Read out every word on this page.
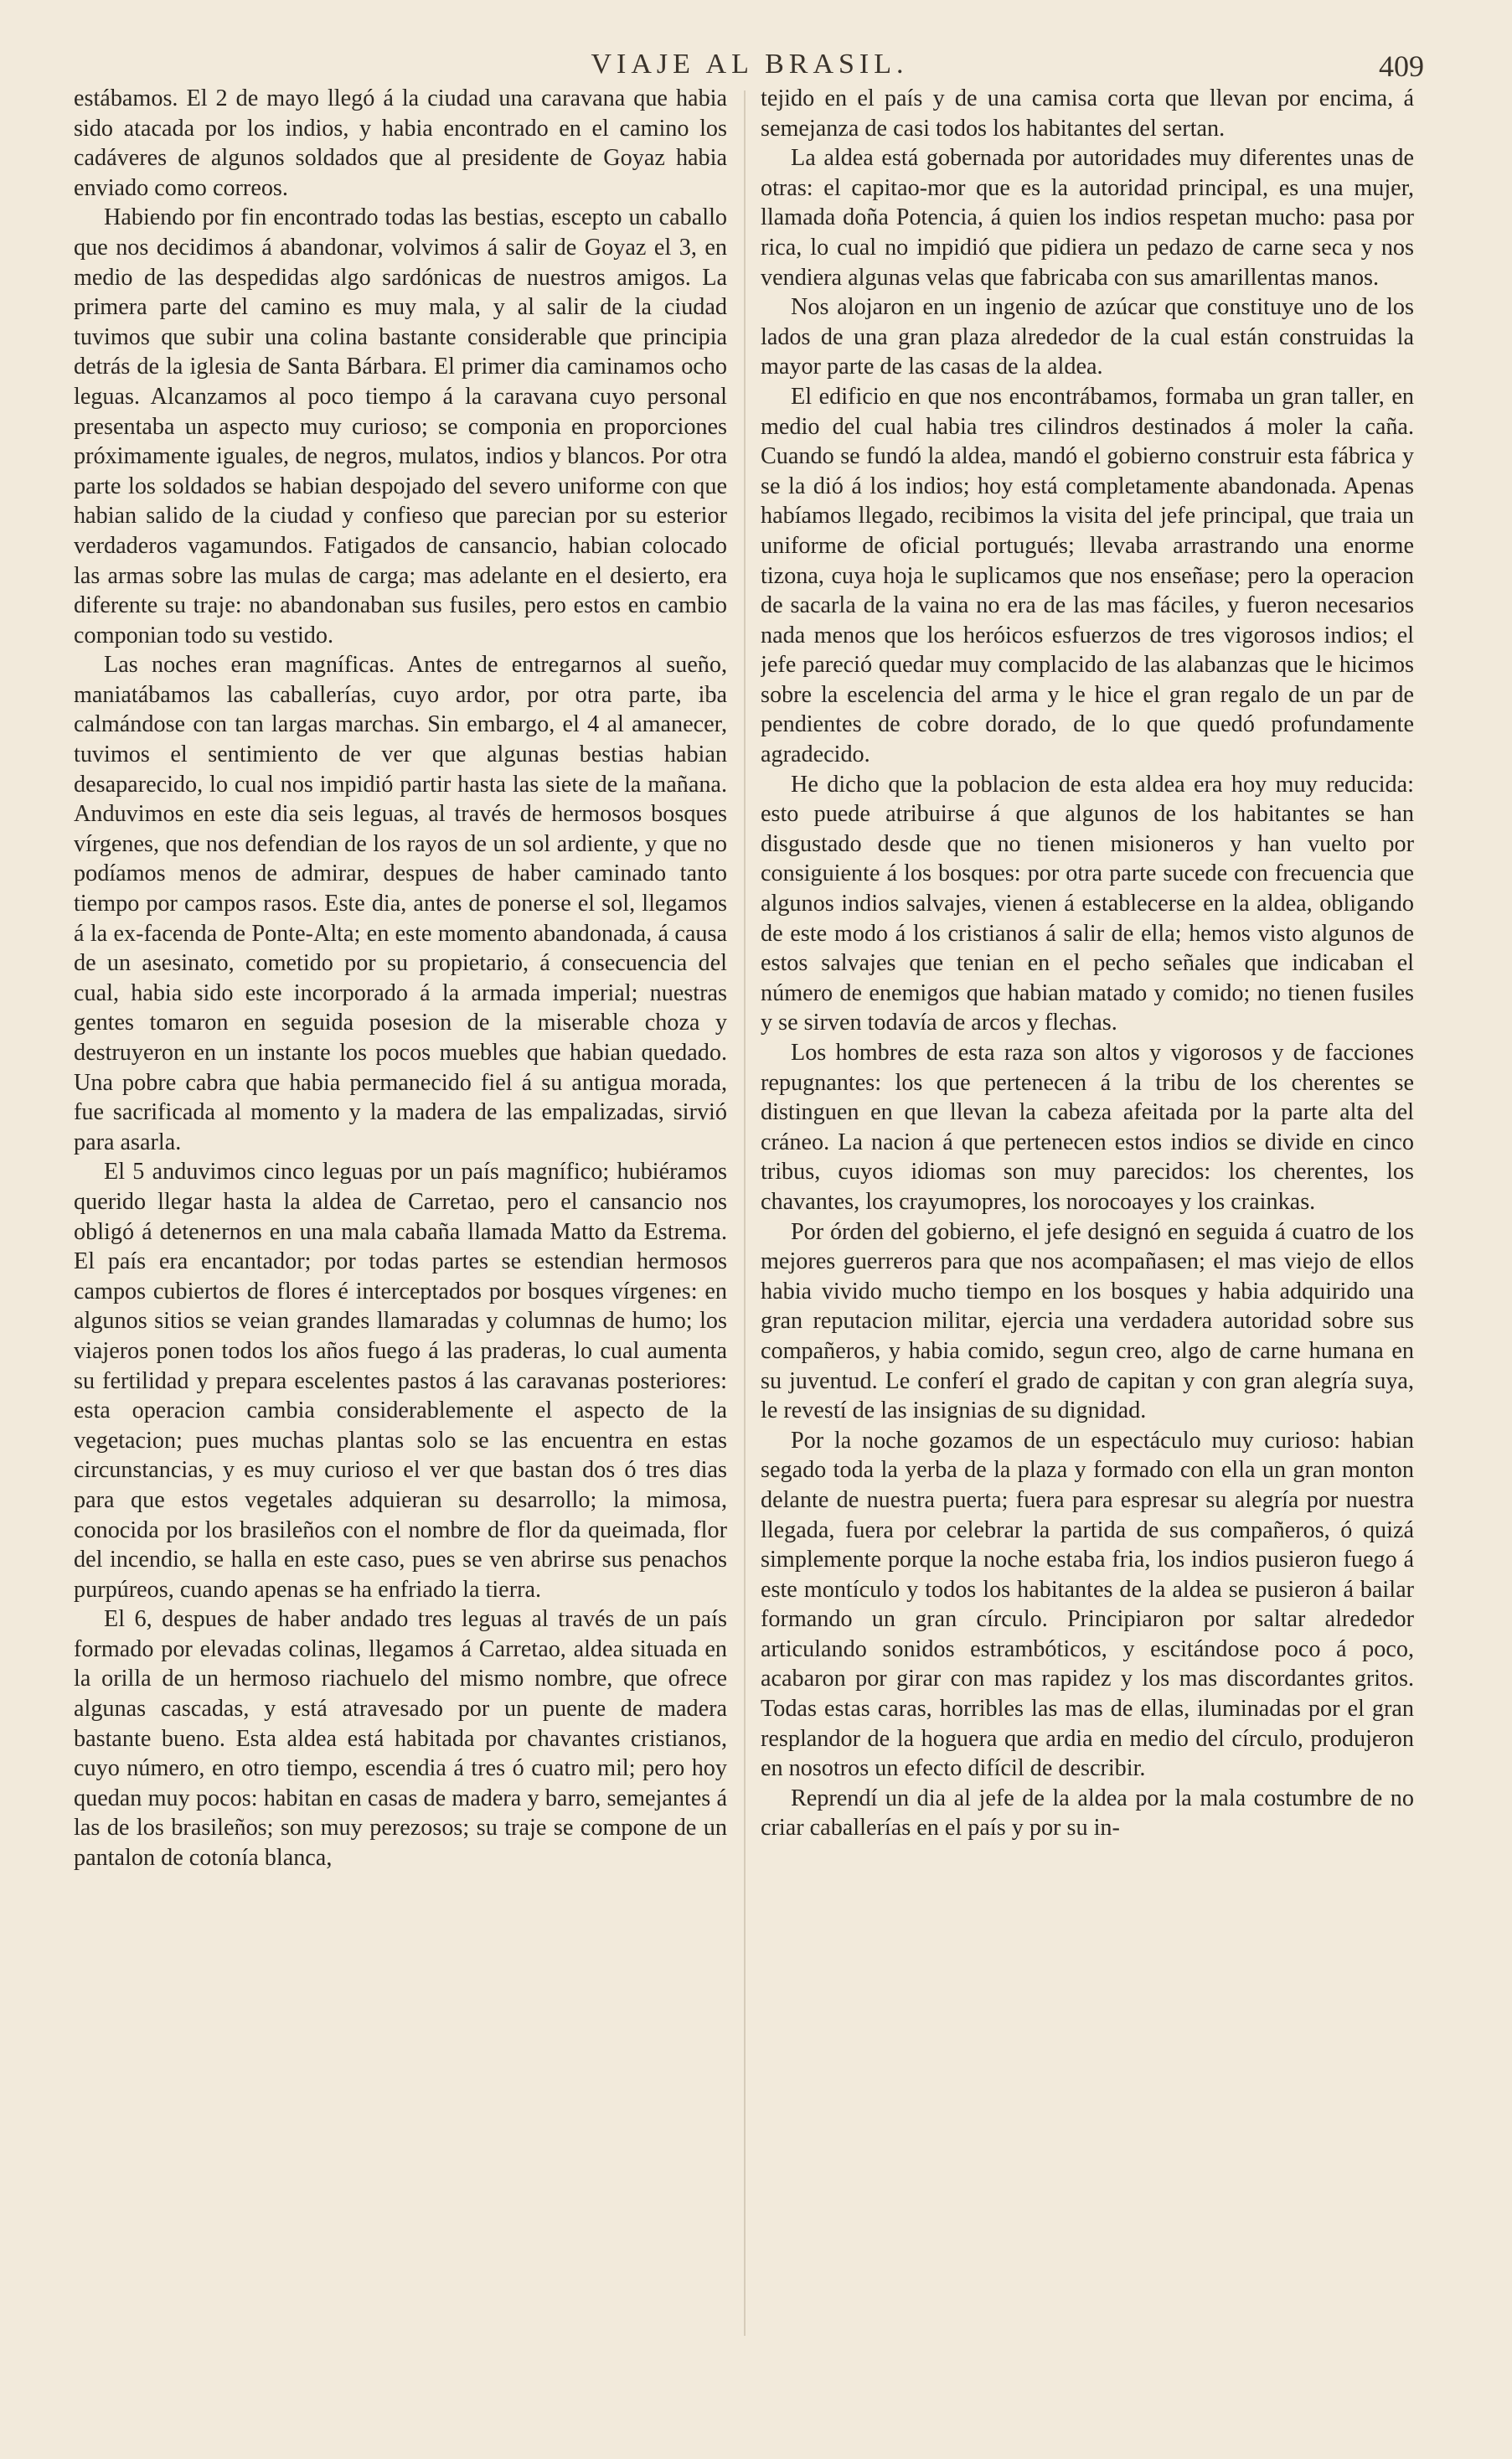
VIAJE AL BRASIL.	409

estábamos. El 2 de mayo llegó á la ciudad una caravana que habia sido atacada por los indios, y habia encontrado en el camino los cadáveres de algunos soldados que al presidente de Goyaz habia enviado como correos.

Habiendo por fin encontrado todas las bestias, escepto un caballo que nos decidimos á abandonar, volvimos á salir de Goyaz el 3, en medio de las despedidas algo sardónicas de nuestros amigos. La primera parte del camino es muy mala, y al salir de la ciudad tuvimos que subir una colina bastante considerable que principia detrás de la iglesia de Santa Bárbara. El primer dia caminamos ocho leguas. Alcanzamos al poco tiempo á la caravana cuyo personal presentaba un aspecto muy curioso; se componia en proporciones próximamente iguales, de negros, mulatos, indios y blancos. Por otra parte los soldados se habian despojado del severo uniforme con que habian salido de la ciudad y confieso que parecian por su esterior verdaderos vagamundos. Fatigados de cansancio, habian colocado las armas sobre las mulas de carga; mas adelante en el desierto, era diferente su traje: no abandonaban sus fusiles, pero estos en cambio componian todo su vestido.

Las noches eran magníficas. Antes de entregarnos al sueño, maniatábamos las caballerías, cuyo ardor, por otra parte, iba calmándose con tan largas marchas. Sin embargo, el 4 al amanecer, tuvimos el sentimiento de ver que algunas bestias habian desaparecido, lo cual nos impidió partir hasta las siete de la mañana. Anduvimos en este dia seis leguas, al través de hermosos bosques vírgenes, que nos defendian de los rayos de un sol ardiente, y que no podíamos menos de admirar, despues de haber caminado tanto tiempo por campos rasos. Este dia, antes de ponerse el sol, llegamos á la ex-facenda de Ponte-Alta; en este momento abandonada, á causa de un asesinato, cometido por su propietario, á consecuencia del cual, habia sido este incorporado á la armada imperial; nuestras gentes tomaron en seguida posesion de la miserable choza y destruyeron en un instante los pocos muebles que habian quedado. Una pobre cabra que habia permanecido fiel á su antigua morada, fue sacrificada al momento y la madera de las empalizadas, sirvió para asarla.

El 5 anduvimos cinco leguas por un país magnífico; hubiéramos querido llegar hasta la aldea de Carretao, pero el cansancio nos obligó á detenernos en una mala cabaña llamada Matto da Estrema. El país era encantador; por todas partes se estendian hermosos campos cubiertos de flores é interceptados por bosques vírgenes: en algunos sitios se veian grandes llamaradas y columnas de humo; los viajeros ponen todos los años fuego á las praderas, lo cual aumenta su fertilidad y prepara escelentes pastos á las caravanas posteriores: esta operacion cambia considerablemente el aspecto de la vegetacion; pues muchas plantas solo se las encuentra en estas circunstancias, y es muy curioso el ver que bastan dos ó tres dias para que estos vegetales adquieran su desarrollo; la mimosa, conocida por los brasileños con el nombre de flor da queimada, flor del incendio, se halla en este caso, pues se ven abrirse sus penachos purpúreos, cuando apenas se ha enfriado la tierra.

El 6, despues de haber andado tres leguas al través de un país formado por elevadas colinas, llegamos á Carretao, aldea situada en la orilla de un hermoso riachuelo del mismo nombre, que ofrece algunas cascadas, y está atravesado por un puente de madera bastante bueno. Esta aldea está habitada por chavantes cristianos, cuyo número, en otro tiempo, escendia á tres ó cuatro mil; pero hoy quedan muy pocos: habitan en casas de madera y barro, semejantes á las de los brasileños; son muy perezosos; su traje se compone de un pantalon de cotonía blanca,

tejido en el país y de una camisa corta que llevan por encima, á semejanza de casi todos los habitantes del sertan.

La aldea está gobernada por autoridades muy diferentes unas de otras: el capitao-mor que es la autoridad principal, es una mujer, llamada doña Potencia, á quien los indios respetan mucho: pasa por rica, lo cual no impidió que pidiera un pedazo de carne seca y nos vendiera algunas velas que fabricaba con sus amarillentas manos.

Nos alojaron en un ingenio de azúcar que constituye uno de los lados de una gran plaza alrededor de la cual están construidas la mayor parte de las casas de la aldea.

El edificio en que nos encontrábamos, formaba un gran taller, en medio del cual habia tres cilindros destinados á moler la caña. Cuando se fundó la aldea, mandó el gobierno construir esta fábrica y se la dió á los indios; hoy está completamente abandonada. Apenas habíamos llegado, recibimos la visita del jefe principal, que traia un uniforme de oficial portugués; llevaba arrastrando una enorme tizona, cuya hoja le suplicamos que nos enseñase; pero la operacion de sacarla de la vaina no era de las mas fáciles, y fueron necesarios nada menos que los heróicos esfuerzos de tres vigorosos indios; el jefe pareció quedar muy complacido de las alabanzas que le hicimos sobre la escelencia del arma y le hice el gran regalo de un par de pendientes de cobre dorado, de lo que quedó profundamente agradecido.

He dicho que la poblacion de esta aldea era hoy muy reducida: esto puede atribuirse á que algunos de los habitantes se han disgustado desde que no tienen misioneros y han vuelto por consiguiente á los bosques: por otra parte sucede con frecuencia que algunos indios salvajes, vienen á establecerse en la aldea, obligando de este modo á los cristianos á salir de ella; hemos visto algunos de estos salvajes que tenian en el pecho señales que indicaban el número de enemigos que habian matado y comido; no tienen fusiles y se sirven todavía de arcos y flechas.

Los hombres de esta raza son altos y vigorosos y de facciones repugnantes: los que pertenecen á la tribu de los cherentes se distinguen en que llevan la cabeza afeitada por la parte alta del cráneo. La nacion á que pertenecen estos indios se divide en cinco tribus, cuyos idiomas son muy parecidos: los cherentes, los chavantes, los crayumopres, los norocoayes y los crainkas.

Por órden del gobierno, el jefe designó en seguida á cuatro de los mejores guerreros para que nos acompañasen; el mas viejo de ellos habia vivido mucho tiempo en los bosques y habia adquirido una gran reputacion militar, ejercia una verdadera autoridad sobre sus compañeros, y habia comido, segun creo, algo de carne humana en su juventud. Le conferí el grado de capitan y con gran alegría suya, le revestí de las insignias de su dignidad.

Por la noche gozamos de un espectáculo muy curioso: habian segado toda la yerba de la plaza y formado con ella un gran monton delante de nuestra puerta; fuera para espresar su alegría por nuestra llegada, fuera por celebrar la partida de sus compañeros, ó quizá simplemente porque la noche estaba fria, los indios pusieron fuego á este montículo y todos los habitantes de la aldea se pusieron á bailar formando un gran círculo. Principiaron por saltar alrededor articulando sonidos estrambóticos, y escitándose poco á poco, acabaron por girar con mas rapidez y los mas discordantes gritos. Todas estas caras, horribles las mas de ellas, iluminadas por el gran resplandor de la hoguera que ardia en medio del círculo, produjeron en nosotros un efecto difícil de describir.

Reprendí un dia al jefe de la aldea por la mala costumbre de no criar caballerías en el país y por su in-
